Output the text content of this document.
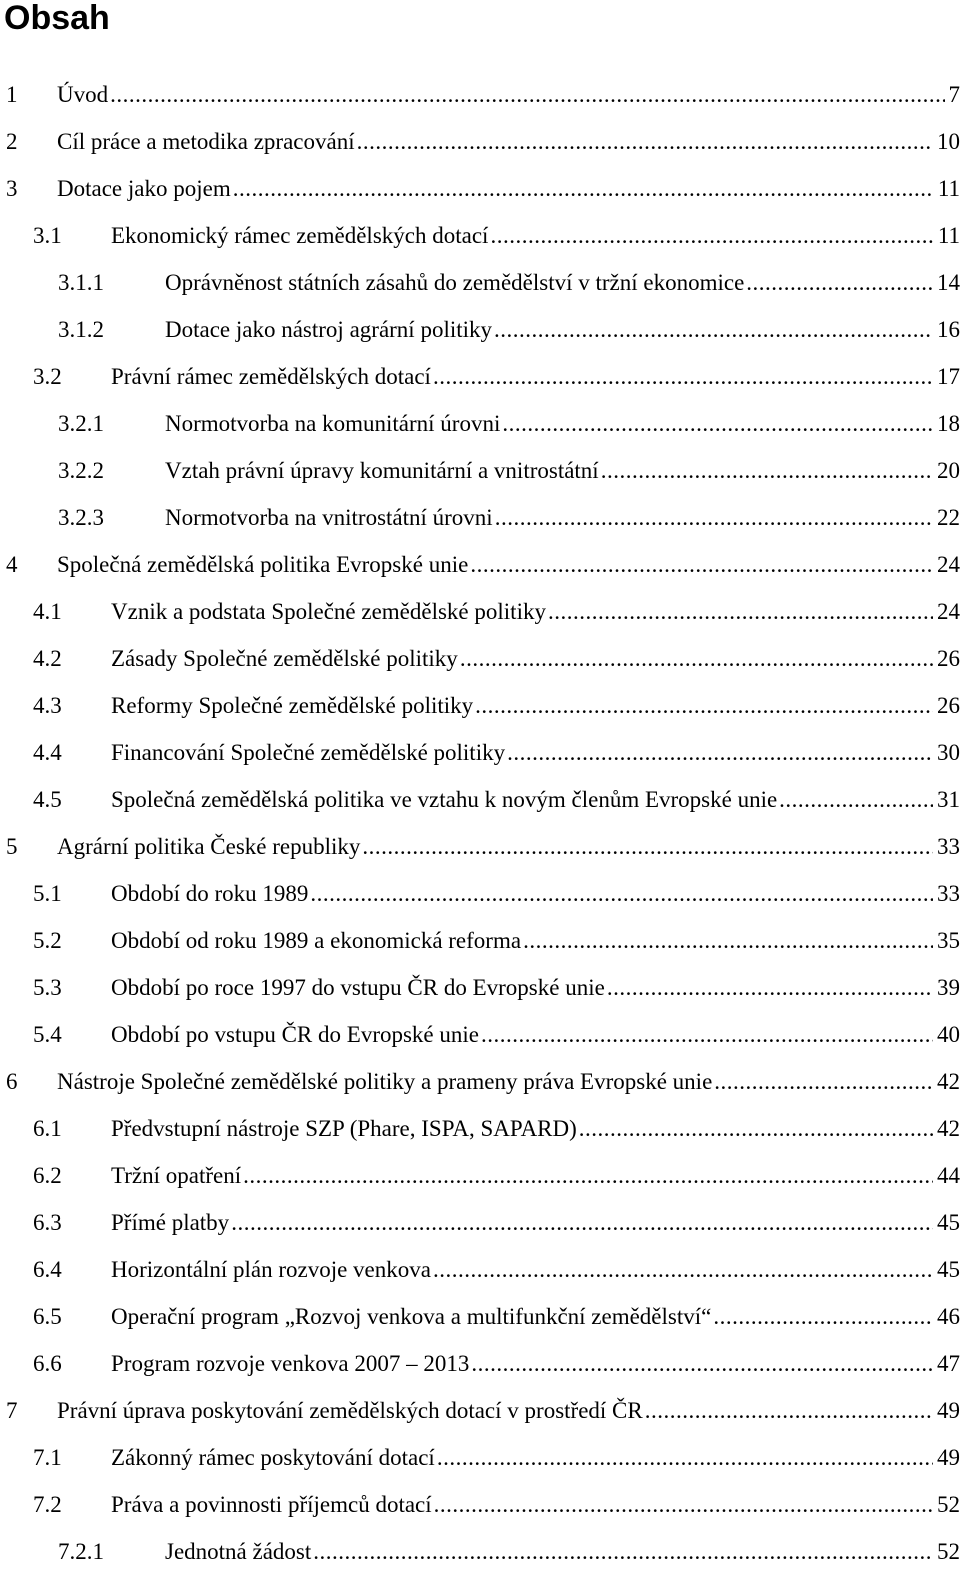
Obsah
1	Úvod .....	7
2	Cíl práce a metodika zpracování .....	10
3	Dotace jako pojem .....	11
3.1	Ekonomický rámec zemědělských dotací .....	11
3.1.1	Oprávněnost státních zásahů do zemědělství v tržní ekonomice .....	14
3.1.2	Dotace jako nástroj agrární politiky .....	16
3.2	Právní rámec zemědělských dotací .....	17
3.2.1	Normotvorba na komunitární úrovni .....	18
3.2.2	Vztah právní úpravy komunitární a vnitrostátní .....	20
3.2.3	Normotvorba na vnitrostátní úrovni .....	22
4	Společná zemědělská politika Evropské unie .....	24
4.1	Vznik a podstata Společné zemědělské politiky .....	24
4.2	Zásady Společné zemědělské politiky .....	26
4.3	Reformy Společné zemědělské politiky .....	26
4.4	Financování Společné zemědělské politiky .....	30
4.5	Společná zemědělská politika ve vztahu k novým členům Evropské unie .....	31
5	Agrární politika České republiky .....	33
5.1	Období do roku 1989 .....	33
5.2	Období od roku 1989 a ekonomická reforma .....	35
5.3	Období po roce 1997 do vstupu ČR do Evropské unie .....	39
5.4	Období po vstupu ČR do Evropské unie .....	40
6	Nástroje Společné zemědělské politiky a prameny práva Evropské unie .....	42
6.1	Předvstupní nástroje SZP (Phare, ISPA, SAPARD) .....	42
6.2	Tržní opatření .....	44
6.3	Přímé platby .....	45
6.4	Horizontální plán rozvoje venkova .....	45
6.5	Operační program „Rozvoj venkova a multifunkční zemědělství“ .....	46
6.6	Program rozvoje venkova 2007 – 2013 .....	47
7	Právní úprava poskytování zemědělských dotací v prostředí ČR .....	49
7.1	Zákonný rámec poskytování dotací .....	49
7.2	Práva a povinnosti příjemců dotací .....	52
7.2.1	Jednotná žádost .....	52
